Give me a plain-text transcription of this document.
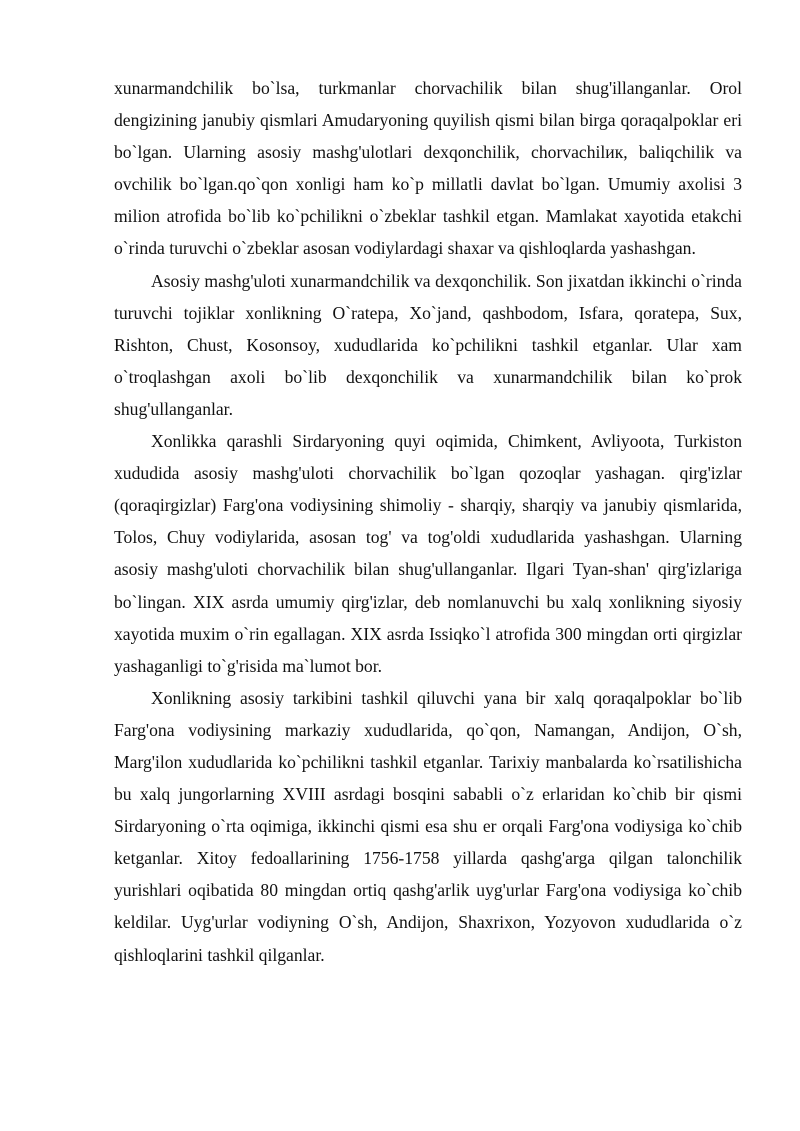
xunarmandchilik bo`lsa, turkmanlar chorvachilik bilan shug'illanganlar. Orol dengizining janubiy qismlari Amudaryoning quyilish qismi bilan birga qoraqalpoklar eri bo`lgan. Ularning asosiy mashg'ulotlari dexqonchilik, chorvachilик, baliqchilik va ovchilik bo`lgan.qo`qon xonligi ham ko`p millatli davlat bo`lgan. Umumiy axolisi 3 milion atrofida bo`lib ko`pchilikni o`zbeklar tashkil etgan. Mamlakat xayotida etakchi o`rinda turuvchi o`zbeklar asosan vodiylardagi shaxar va qishloqlarda yashashgan.

Asosiy mashg'uloti xunarmandchilik va dexqonchilik. Son jixatdan ikkinchi o`rinda turuvchi tojiklar xonlikning O`ratepa, Xo`jand, qashbodom, Isfara, qoratepa, Sux, Rishton, Chust, Kosonsoy, xududlarida ko`pchilikni tashkil etganlar. Ular xam o`troqlashgan axoli bo`lib dexqonchilik va xunarmandchilik bilan ko`prok shug'ullanganlar.

Xonlikka qarashli Sirdaryoning quyi oqimida, Chimkent, Avliyoota, Turkiston xududida asosiy mashg'uloti chorvachilik bo`lgan qozoqlar yashagan. qirg'izlar (qoraqirgizlar) Farg'ona vodiysining shimoliy - sharqiy, sharqiy va janubiy qismlarida, Tolos, Chuy vodiylarida, asosan tog' va tog'oldi xududlarida yashashgan. Ularning asosiy mashg'uloti chorvachilik bilan shug'ullanganlar. Ilgari Tyan-shan' qirg'izlariga bo`lingan. XIX asrda umumiy qirg'izlar, deb nomlanuvchi bu xalq xonlikning siyosiy xayotida muxim o`rin egallagan. XIX asrda Issiqko`l atrofida 300 mingdan orti qirgizlar yashaganligi to`g'risida ma`lumot bor.

Xonlikning asosiy tarkibini tashkil qiluvchi yana bir xalq qoraqalpoklar bo`lib Farg'ona vodiysining markaziy xududlarida, qo`qon, Namangan, Andijon, O`sh, Marg'ilon xududlarida ko`pchilikni tashkil etganlar. Tarixiy manbalarda ko`rsatilishicha bu xalq jungorlarning XVIII asrdagi bosqini sababli o`z erlaridan ko`chib bir qismi Sirdaryoning o`rta oqimiga, ikkinchi qismi esa shu er orqali Farg'ona vodiysiga ko`chib ketganlar. Xitoy fedoallarining 1756-1758 yillarda qashg'arga qilgan talonchilik yurishlari oqibatida 80 mingdan ortiq qashg'arlik uyg'urlar Farg'ona vodiysiga ko`chib keldilar. Uyg'urlar vodiyning O`sh, Andijon, Shaxrixon, Yozyovon xududlarida o`z qishloqlarini tashkil qilganlar.
